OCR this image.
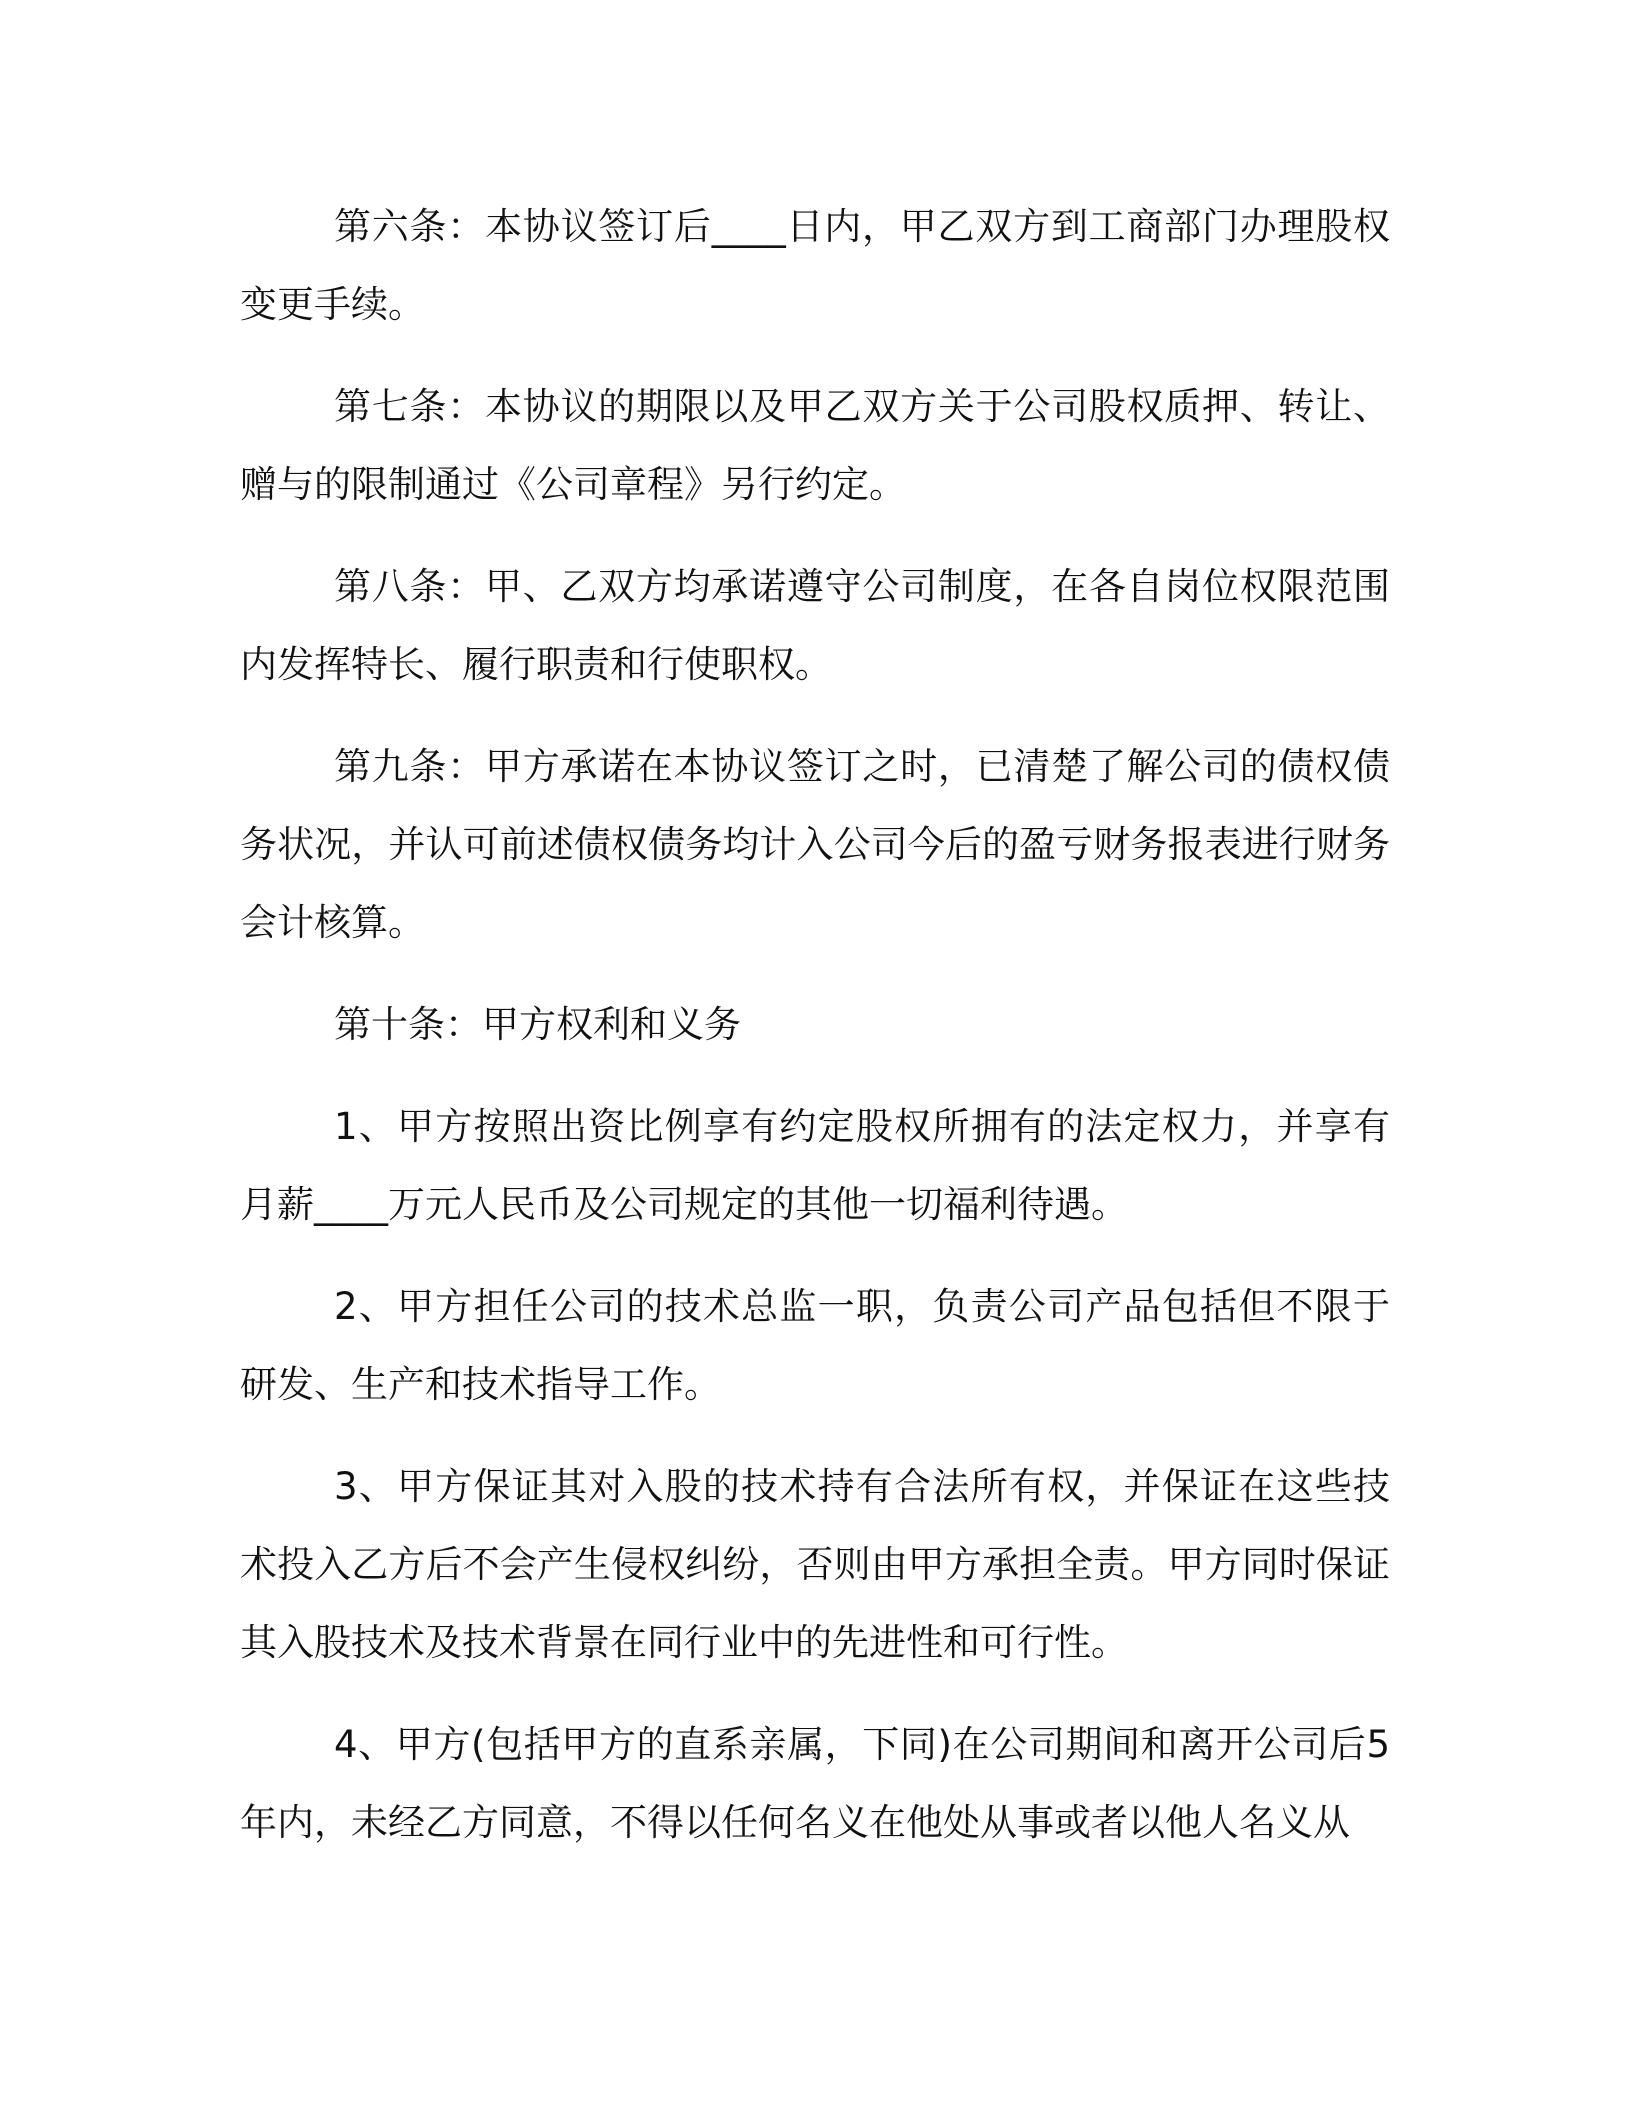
第六条：本协议签订后____日内，甲乙双方到工商部门办理股权变更手续。

第七条：本协议的期限以及甲乙双方关于公司股权质押、转让、赠与的限制通过《公司章程》另行约定。

第八条：甲、乙双方均承诺遵守公司制度，在各自岗位权限范围内发挥特长、履行职责和行使职权。

第九条：甲方承诺在本协议签订之时，已清楚了解公司的债权债务状况，并认可前述债权债务均计入公司今后的盈亏财务报表进行财务会计核算。

第十条：甲方权利和义务

1、甲方按照出资比例享有约定股权所拥有的法定权力，并享有月薪____万元人民币及公司规定的其他一切福利待遇。

2、甲方担任公司的技术总监一职，负责公司产品包括但不限于研发、生产和技术指导工作。

3、甲方保证其对入股的技术持有合法所有权，并保证在这些技术投入乙方后不会产生侵权纠纷，否则由甲方承担全责。甲方同时保证其入股技术及技术背景在同行业中的先进性和可行性。

4、甲方(包括甲方的直系亲属，下同)在公司期间和离开公司后5年内，未经乙方同意，不得以任何名义在他处从事或者以他人名义从
